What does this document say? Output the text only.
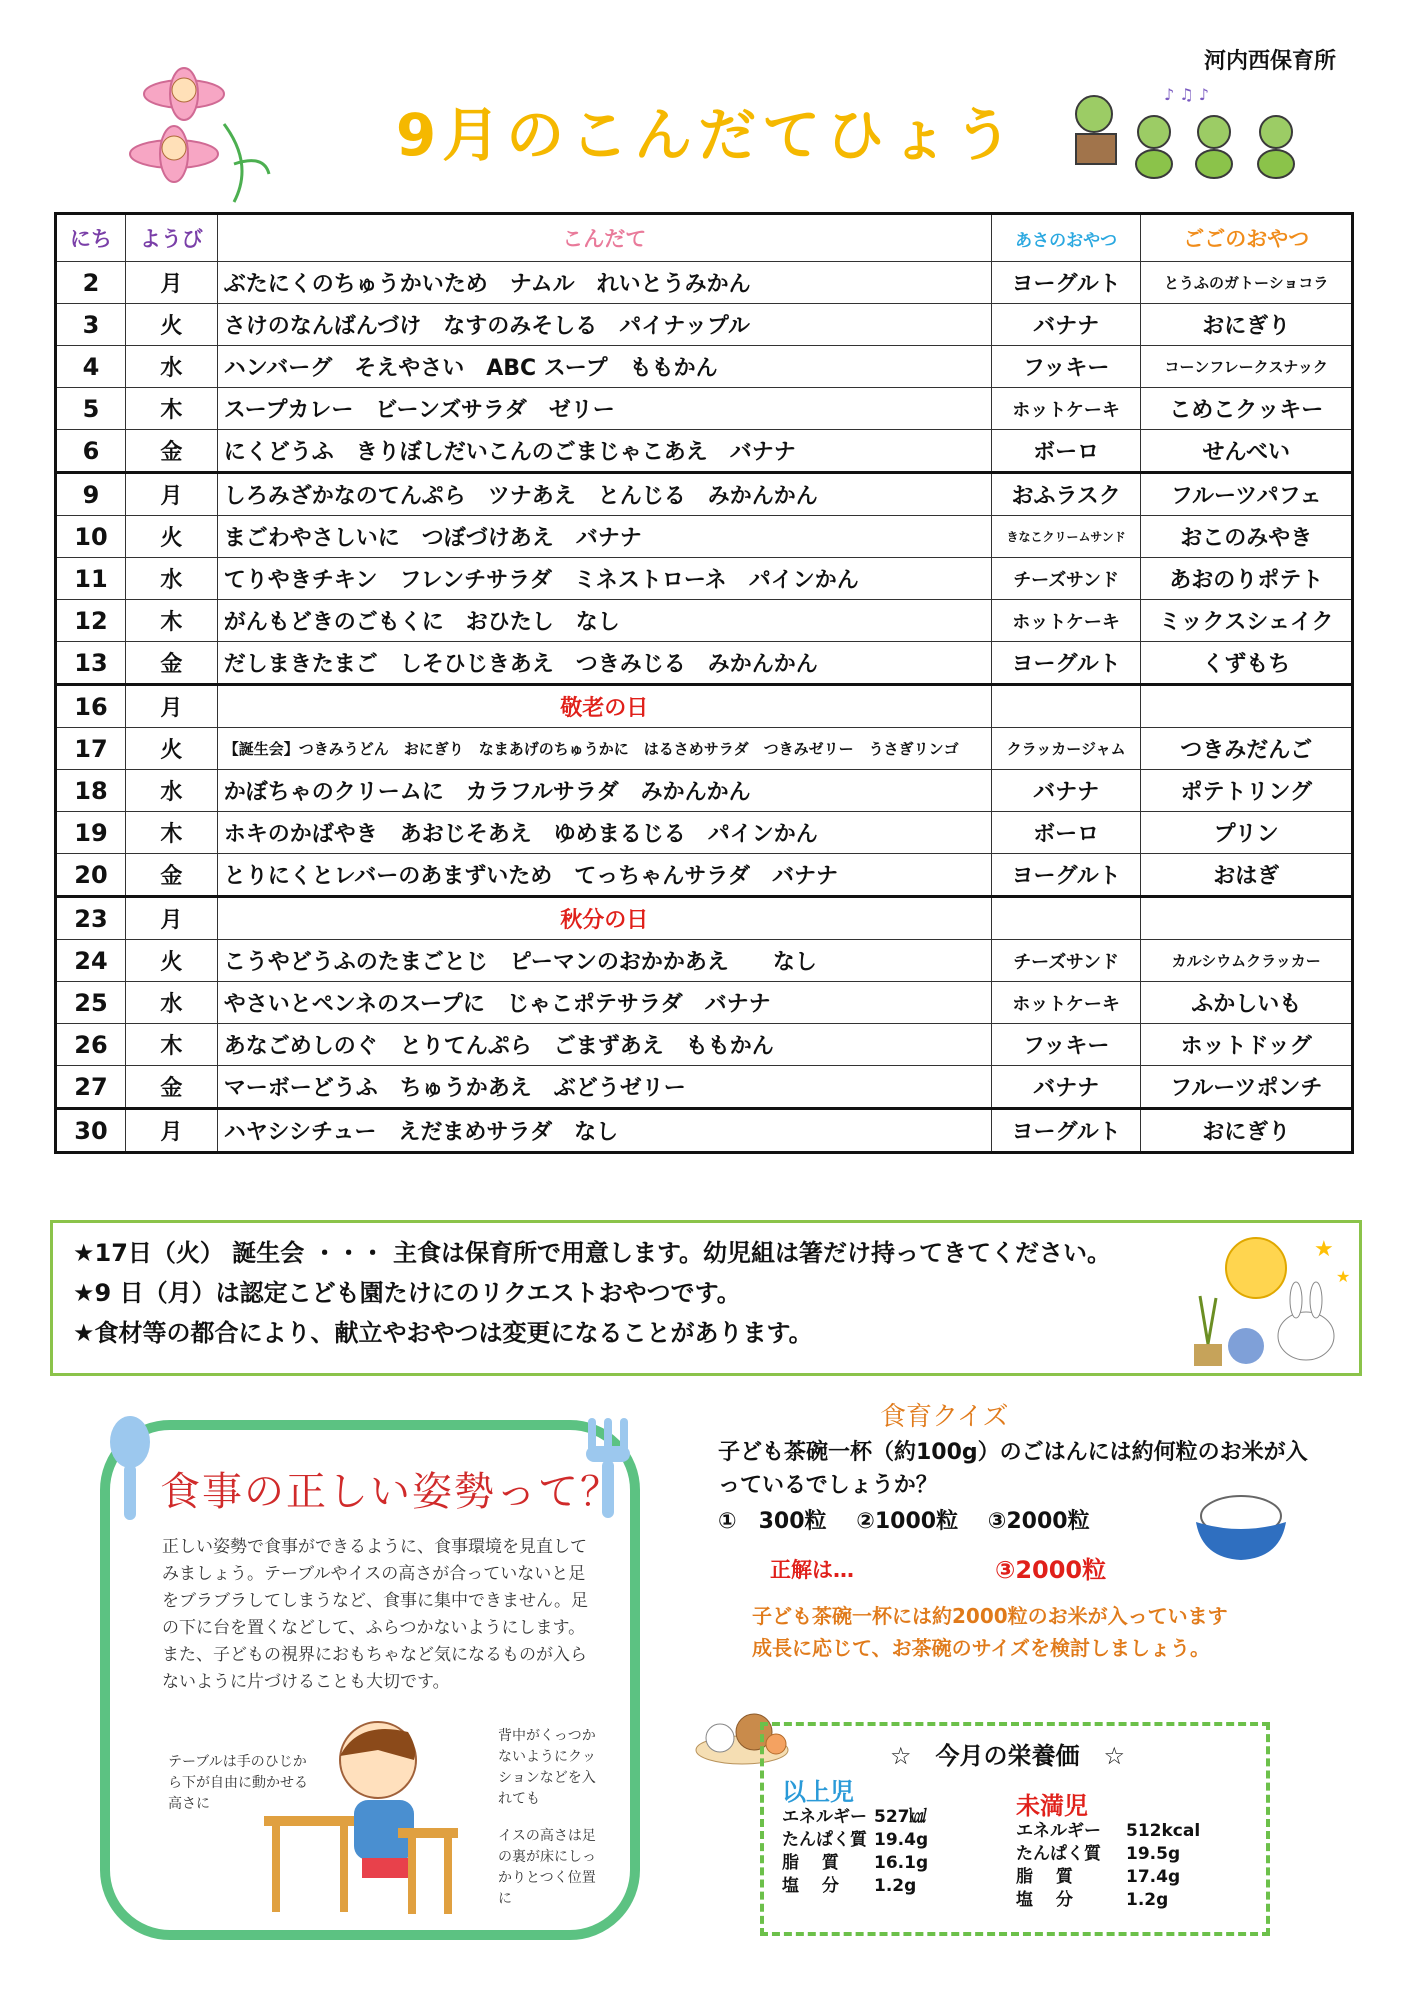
河内西保育所
9月のこんだてひょう
♪ ♫ ♪
にち	ようび	こんだて	あさのおやつ	ごごのおやつ
2	月	ぶたにくのちゅうかいため　ナムル　れいとうみかん	ヨーグルト	とうふのガトーショコラ
3	火	さけのなんばんづけ　なすのみそしる　パイナップル	バナナ	おにぎり
4	水	ハンバーグ　そえやさい　ABC スープ　ももかん	フッキー	コーンフレークスナック
5	木	スープカレー　ビーンズサラダ　ゼリー	ホットケーキ	こめこクッキー
6	金	にくどうふ　きりぼしだいこんのごまじゃこあえ　バナナ	ボーロ	せんべい
9	月	しろみざかなのてんぷら　ツナあえ　とんじる　みかんかん	おふラスク	フルーツパフェ
10	火	まごわやさしいに　つぼづけあえ　バナナ	きなこクリームサンド	おこのみやき
11	水	てりやきチキン　フレンチサラダ　ミネストローネ　パインかん	チーズサンド	あおのりポテト
12	木	がんもどきのごもくに　おひたし　なし	ホットケーキ	ミックスシェイク
13	金	だしまきたまご　しそひじきあえ　つきみじる　みかんかん	ヨーグルト	くずもち
16	月	敬老の日		
17	火	【誕生会】つきみうどん　おにぎり　なまあげのちゅうかに　はるさめサラダ　つきみゼリー　うさぎリンゴ	クラッカージャム	つきみだんご
18	水	かぼちゃのクリームに　カラフルサラダ　みかんかん	バナナ	ポテトリング
19	木	ホキのかばやき　あおじそあえ　ゆめまるじる　パインかん	ボーロ	プリン
20	金	とりにくとレバーのあまずいため　てっちゃんサラダ　バナナ	ヨーグルト	おはぎ
23	月	秋分の日		
24	火	こうやどうふのたまごとじ　ピーマンのおかかあえ　　なし	チーズサンド	カルシウムクラッカー
25	水	やさいとペンネのスープに　じゃこポテサラダ　バナナ	ホットケーキ	ふかしいも
26	木	あなごめしのぐ　とりてんぷら　ごまずあえ　ももかん	フッキー	ホットドッグ
27	金	マーボーどうふ　ちゅうかあえ　ぶどうゼリー	バナナ	フルーツポンチ
30	月	ハヤシシチュー　えだまめサラダ　なし	ヨーグルト	おにぎり

★17日（火） 誕生会 ・・・ 主食は保育所で用意します。幼児組は箸だけ持ってきてください。

★9 日（月）は認定こども園たけにのリクエストおやつです。

★食材等の都合により、献立やおやつは変更になることがあります。

★
★
食事の正しい姿勢って？
正しい姿勢で食事ができるように、食事環境を見直してみましょう。テーブルやイスの高さが合っていないと足をブラブラしてしまうなど、食事に集中できません。足の下に台を置くなどして、ふらつかないようにします。また、子どもの視界におもちゃなど気になるものが入らないように片づけることも大切です。
テーブルは手のひじから下が自由に動かせる高さに
背中がくっつかないようにクッションなどを入れても
イスの高さは足の裏が床にしっかりとつく位置に
食育クイズ
子ども茶碗一杯（約100g）のごはんには約何粒のお米が入っているでしょうか？
①　300粒　 ②1000粒　 ③2000粒
正解は…	③2000粒
子ども茶碗一杯には約2000粒のお米が入っています
成長に応じて、お茶碗のサイズを検討しましょう。
☆　今月の栄養価　☆
以上児
エネルギー 527㎉
たんぱく質 19.4g
脂　 質 16.1g
塩　 分 1.2g
未満児
エネルギー 512kcal
たんぱく質 19.5g
脂　 質	17.4g
塩　 分	1.2g
